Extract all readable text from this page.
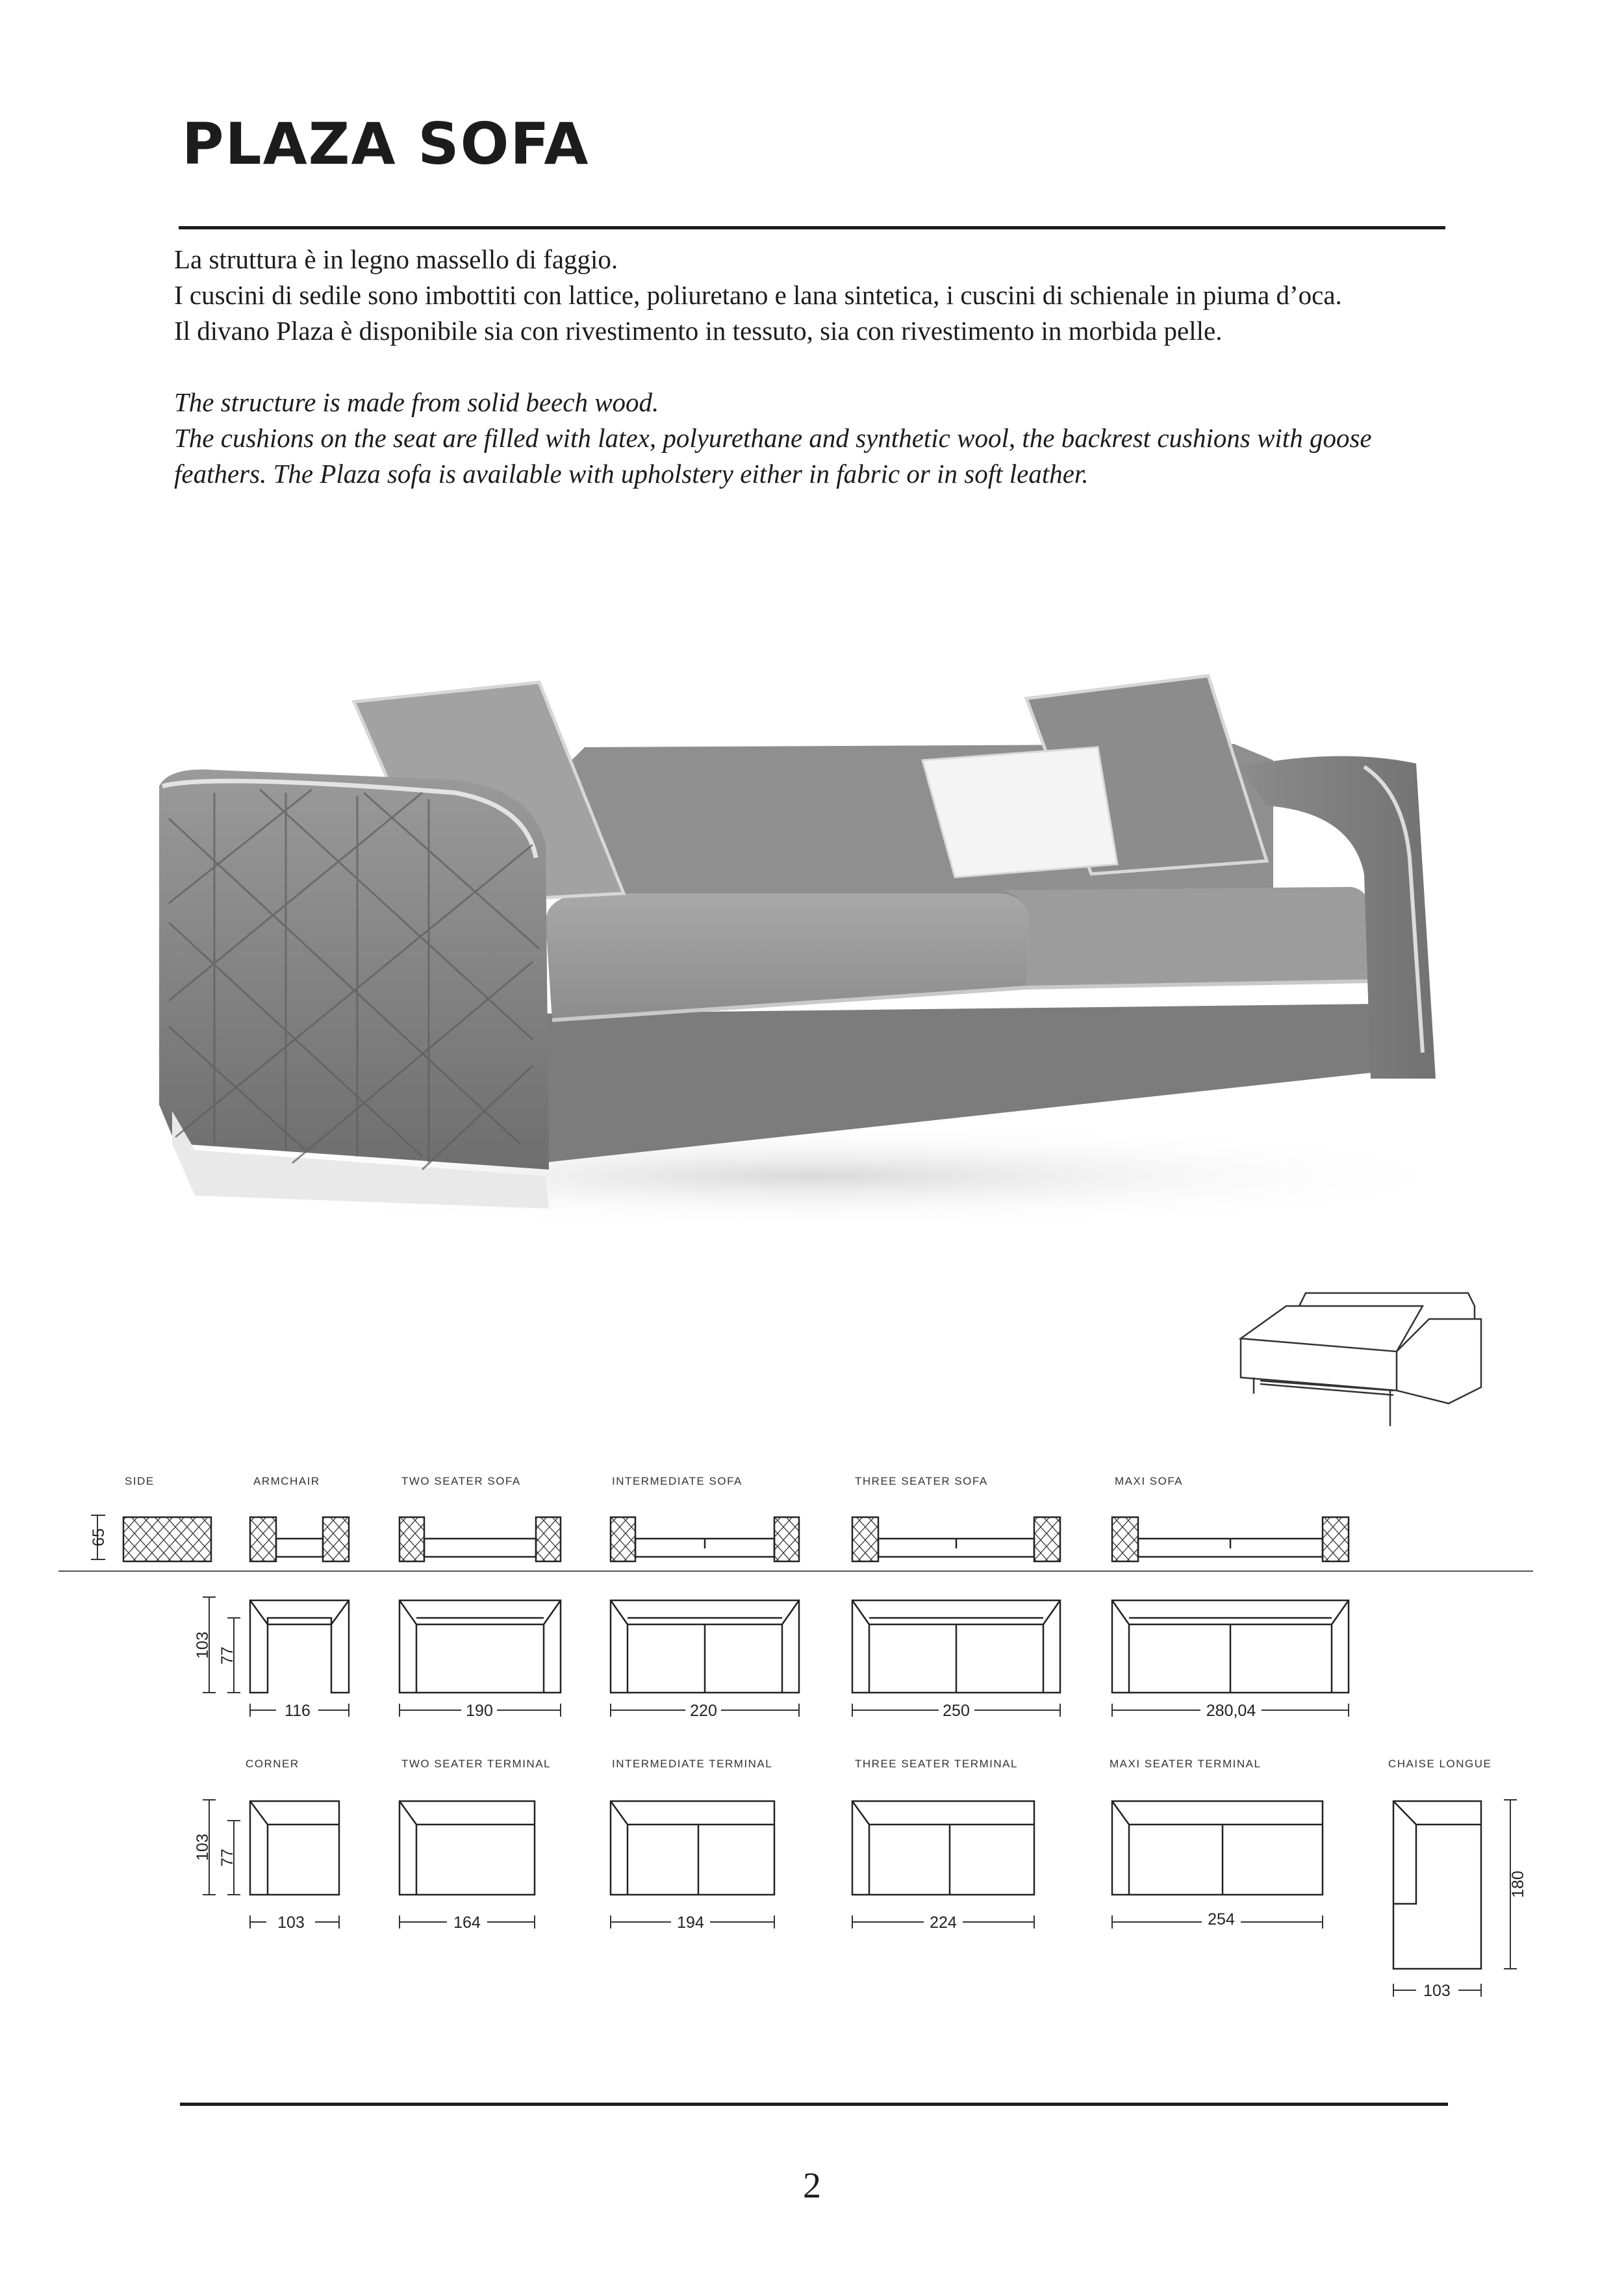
PLAZA SOFA

La struttura è in legno massello di faggio.

I cuscini di sedile sono imbottiti con lattice, poliuretano e lana sintetica, i cuscini di schienale in piuma d’oca.

Il divano Plaza è disponibile sia con rivestimento in tessuto, sia con rivestimento in morbida pelle.

The structure is made from solid beech wood.

The cushions on the seat are filled with latex, polyurethane and synthetic wool, the backrest cushions with goose

feathers. The Plaza sofa is available with upholstery either in fabric or in soft leather.

SIDE	ARMCHAIR	TWO SEATER SOFA	INTERMEDIATE SOFA	THREE SEATER SOFA	MAXI SOFA
65
103 77
116	190	220	250	280,04
CORNER	TWO SEATER TERMINAL	INTERMEDIATE TERMINAL	THREE SEATER TERMINAL	MAXI SEATER TERMINAL	CHAISE LONGUE
103 77
180
103	164	194	224	254
103
2
